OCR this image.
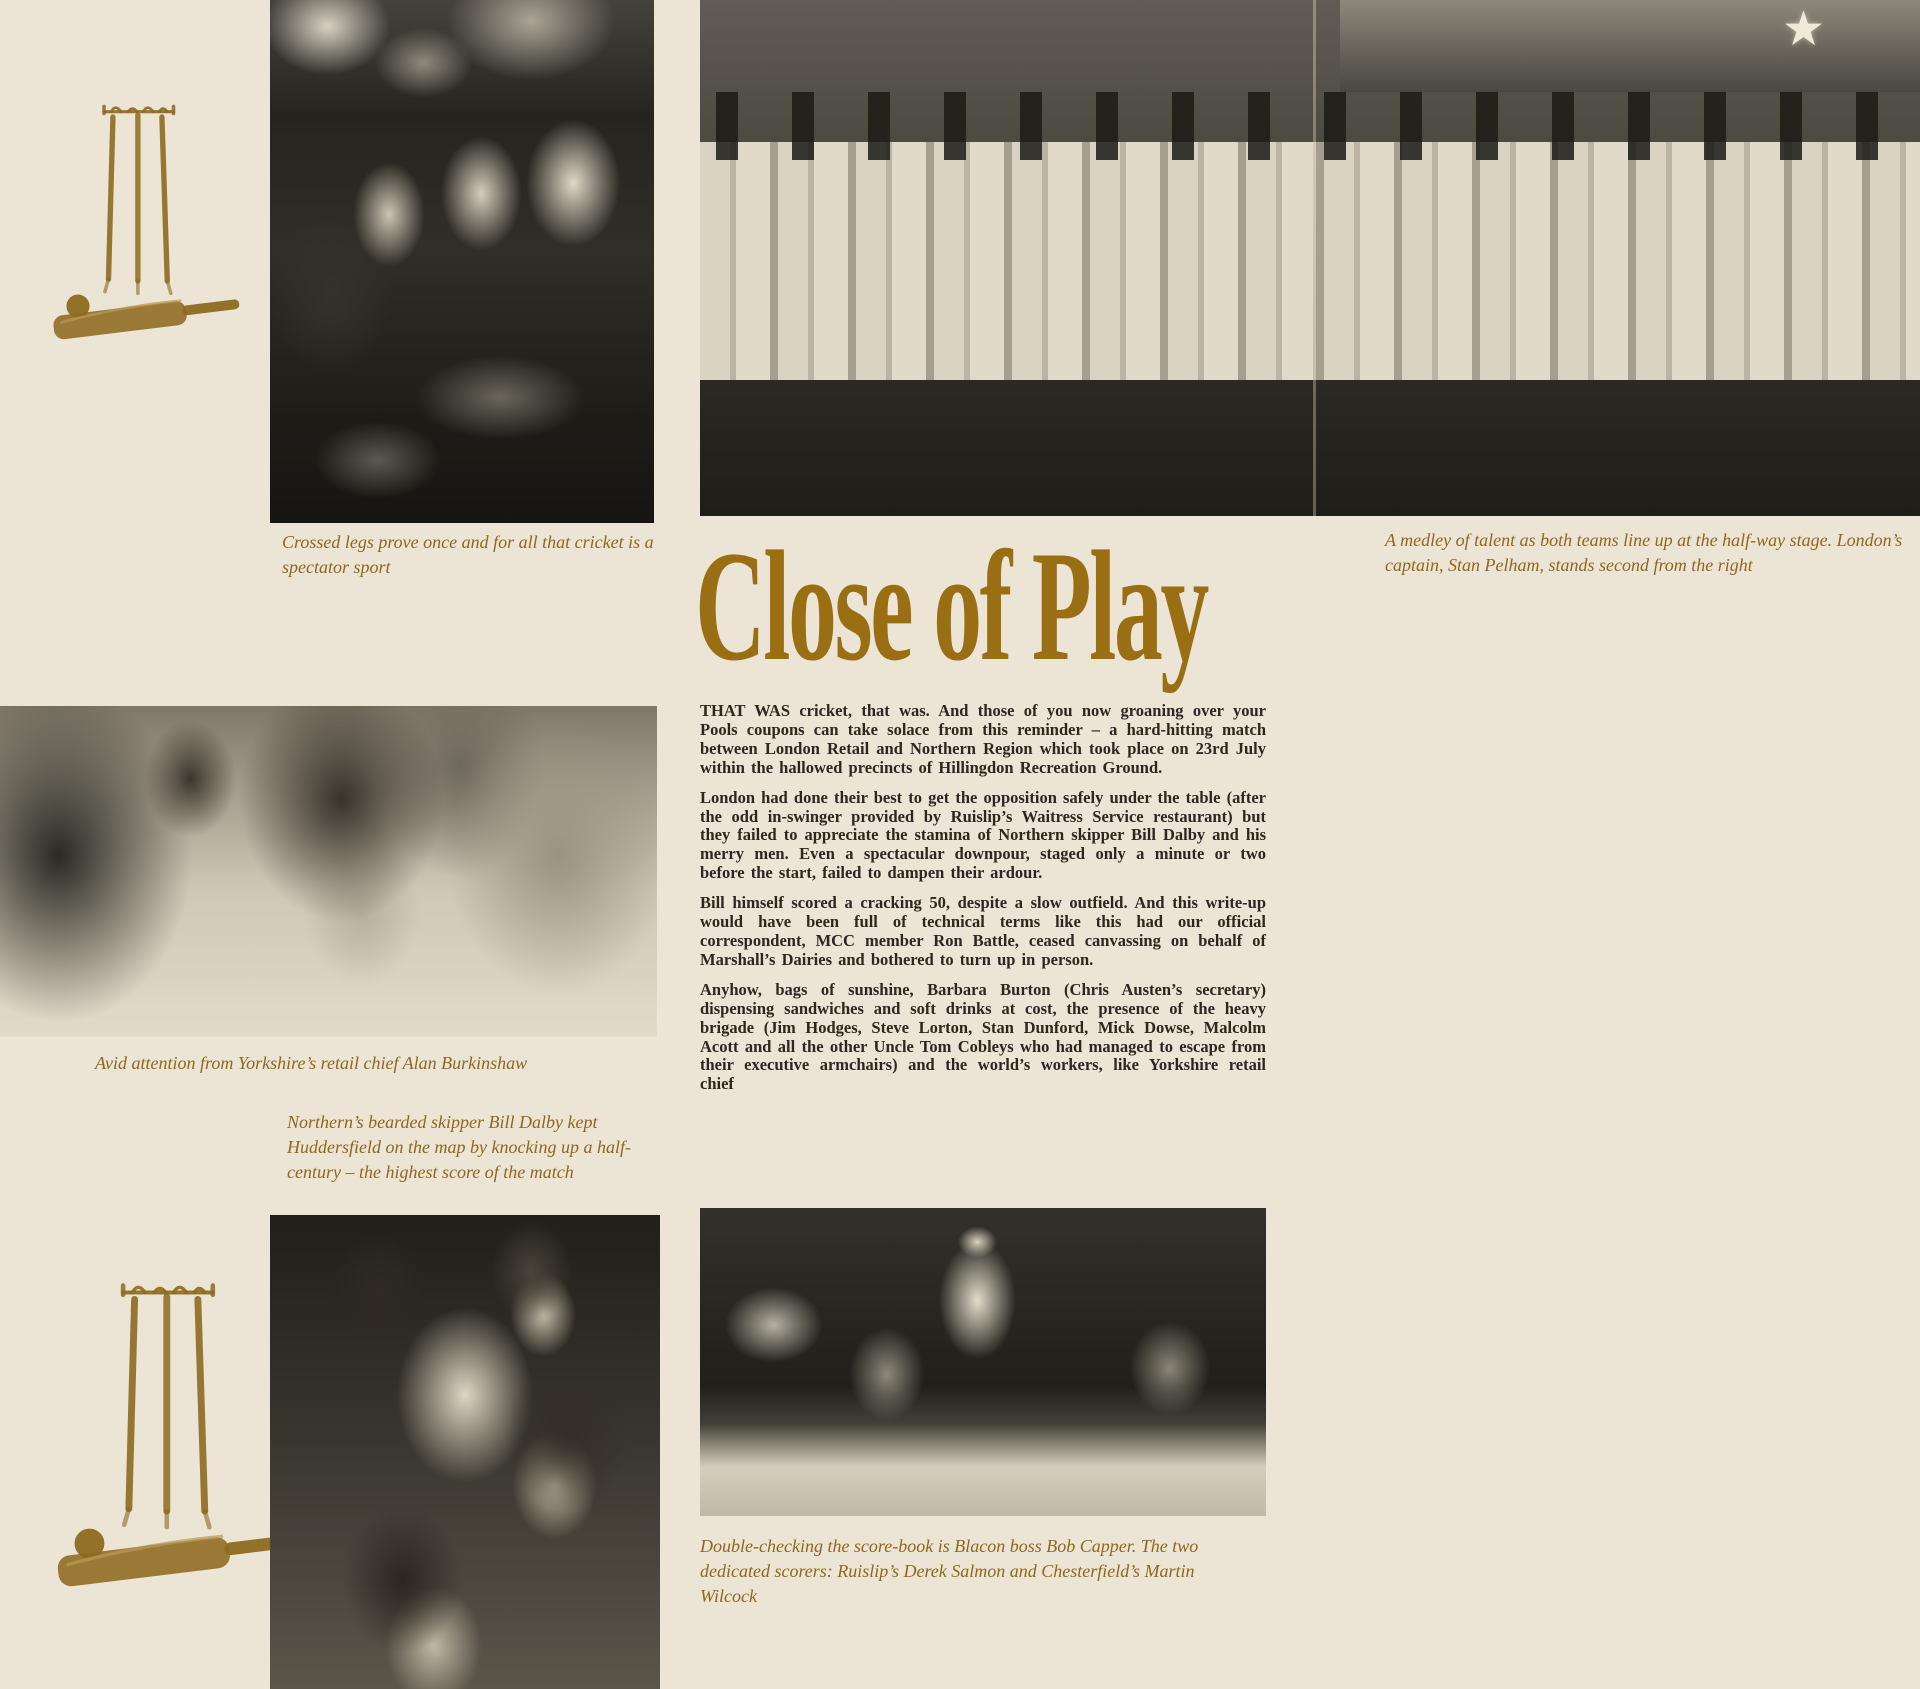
Crossed legs prove once and for all that cricket is a spectator sport
★
A medley of talent as both teams line up at the half-way stage. London’s captain, Stan Pelham, stands second from the right
Close of Play

THAT WAS cricket, that was. And those of you now groaning over your Pools coupons can take solace from this reminder – a hard-hitting match between London Retail and Northern Region which took place on 23rd July within the hallowed precincts of Hillingdon Recreation Ground.

London had done their best to get the opposition safely under the table (after the odd in-swinger provided by Ruislip’s Waitress Service restaurant) but they failed to appreciate the stamina of Northern skipper Bill Dalby and his merry men. Even a spectacular downpour, staged only a minute or two before the start, failed to dampen their ardour.

Bill himself scored a cracking 50, despite a slow outfield. And this write-up would have been full of technical terms like this had our official correspondent, MCC member Ron Battle, ceased canvassing on behalf of Marshall’s Dairies and bothered to turn up in person.

Anyhow, bags of sunshine, Barbara Burton (Chris Austen’s secretary) dispensing sandwiches and soft drinks at cost, the presence of the heavy brigade (Jim Hodges, Steve Lorton, Stan Dunford, Mick Dowse, Malcolm Acott and all the other Uncle Tom Cobleys who had managed to escape from their executive armchairs) and the world’s workers, like Yorkshire retail chief

Avid attention from Yorkshire’s retail chief Alan Burkinshaw
Northern’s bearded skipper Bill Dalby kept Huddersfield on the map by knocking up a half-century – the highest score of the match
Double-checking the score-book is Blacon boss Bob Capper. The two dedicated scorers: Ruislip’s Derek Salmon and Chesterfield’s Martin Wilcock
